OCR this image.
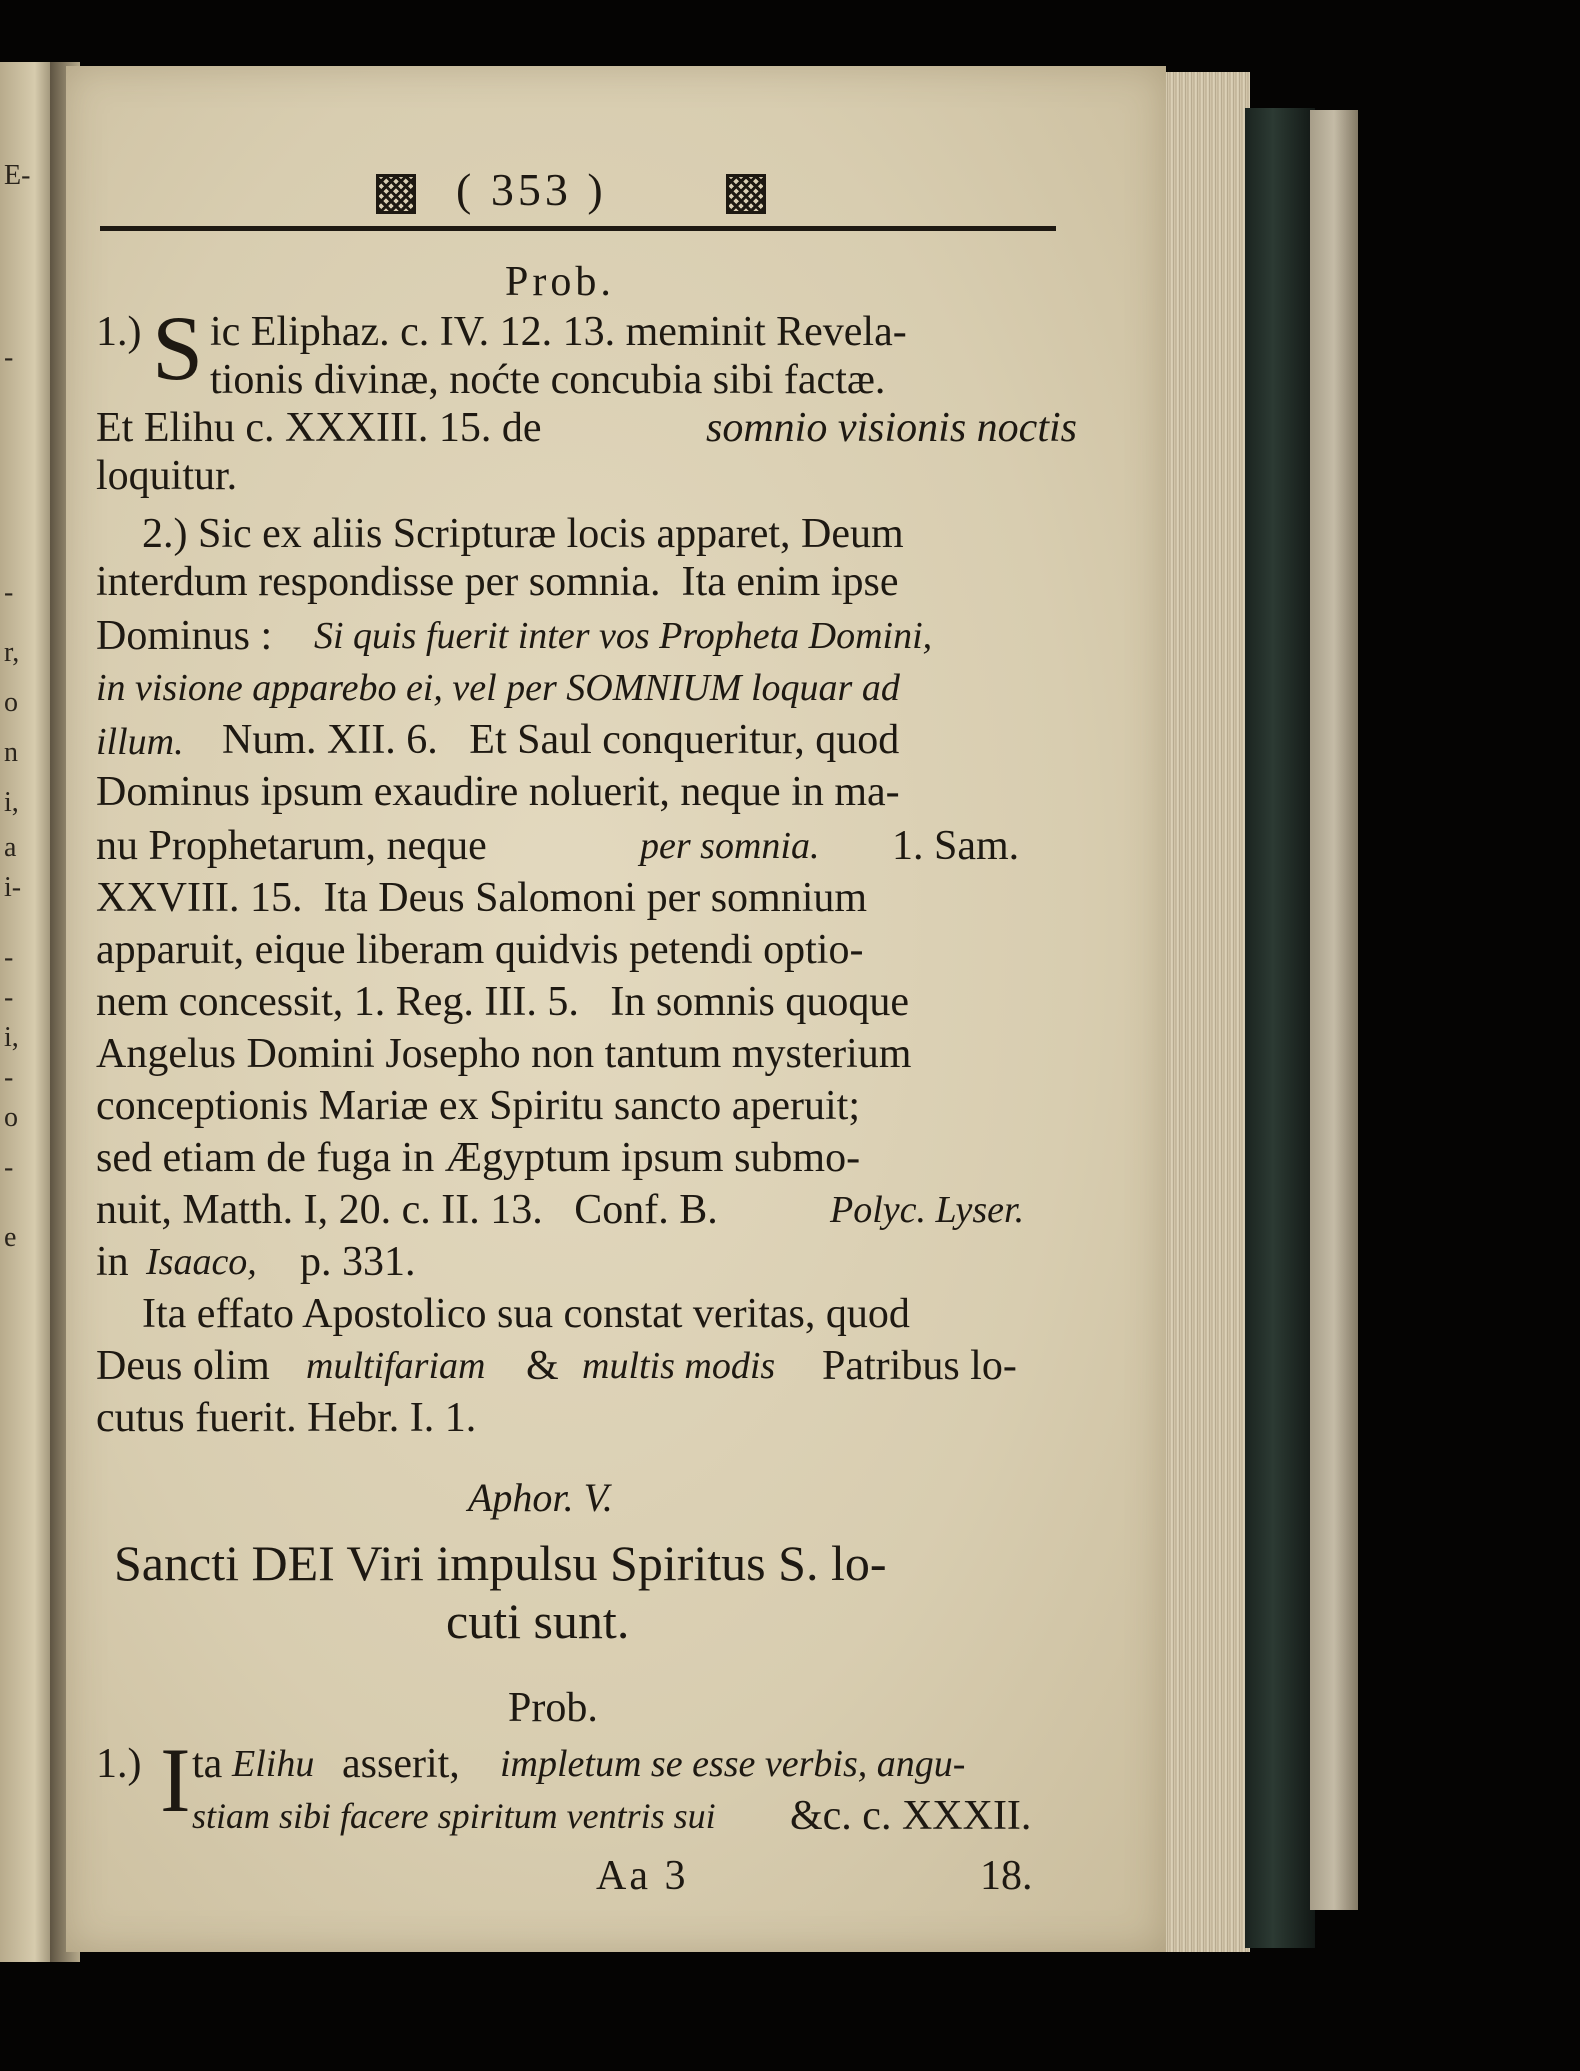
E-
-
-
r,
o
n
i,
a
i-
-
-
i,
-
o
-
e
( 353 )
Prob.
1.) S ic Eliphaz. c. IV. 12. 13. meminit Revela-
tionis divinæ, noćte concubia sibi factæ.
Et Elihu c. XXXIII. 15. de	somnio visionis noctis
loquitur.
2.) Sic ex aliis Scripturæ locis apparet, Deum
interdum respondisse per somnia.  Ita enim ipse
Dominus : Si quis fuerit inter vos Propheta Domini,
in visione apparebo ei, vel per SOMNIUM loquar ad
illum. Num. XII. 6.   Et Saul conqueritur, quod
Dominus ipsum exaudire noluerit, neque in ma-
nu Prophetarum, neque	per somnia. 1. Sam.
XXVIII. 15.  Ita Deus Salomoni per somnium
apparuit, eique liberam quidvis petendi optio-
nem concessit, 1. Reg. III. 5.   In somnis quoque
Angelus Domini Josepho non tantum mysterium
conceptionis Mariæ ex Spiritu sancto aperuit;
sed etiam de fuga in Ægyptum ipsum submo-
nuit, Matth. I, 20. c. II. 13.   Conf. B.	Polyc. Lyser.
in Isaaco, p. 331.
Ita effato Apostolico sua constat veritas, quod
Deus olim multifariam & multis modis Patribus lo-
cutus fuerit. Hebr. I. 1.
Aphor. V.
Sancti DEI Viri impulsu Spiritus S. lo-
cuti sunt.
Prob.
1.) I ta Elihu asserit, impletum se esse verbis, angu-
stiam sibi facere spiritum ventris sui &c. c. XXXII.
Aa 3	18.
